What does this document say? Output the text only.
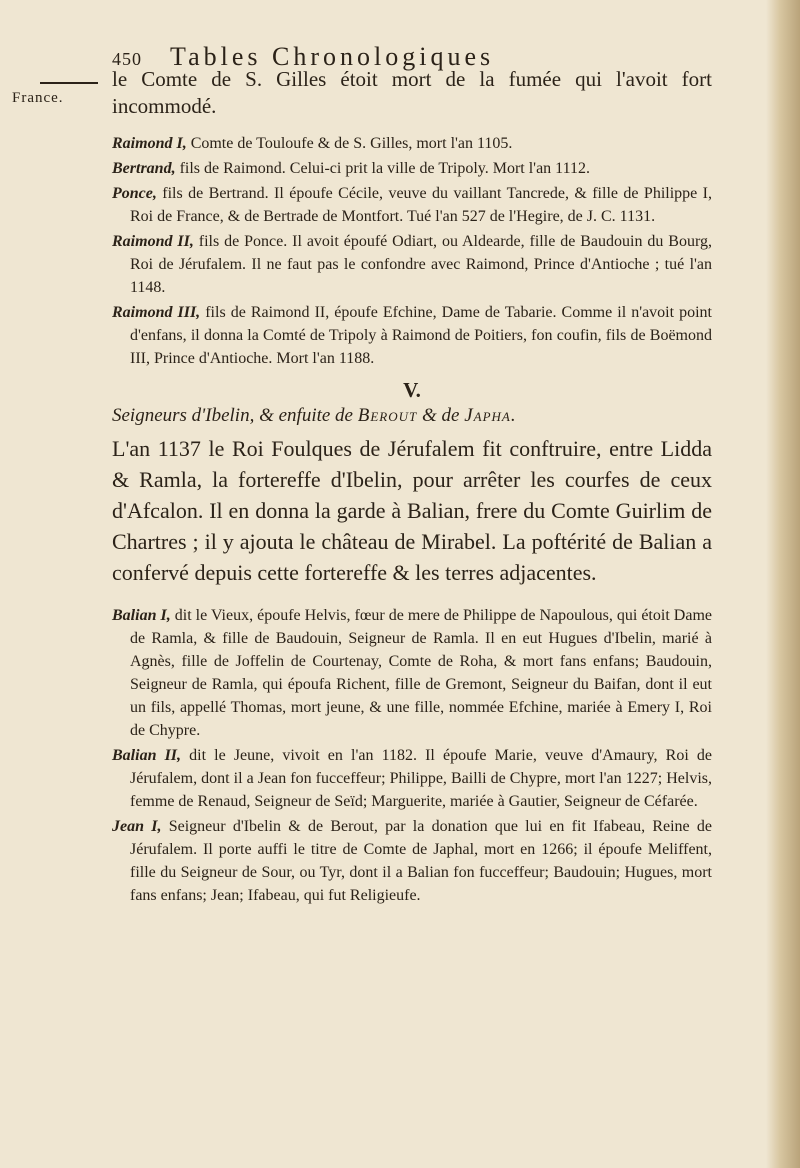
450 Tables Chronologiques
France.

le Comte de S. Gilles étoit mort de la fumée qui l'avoit fort incommodé.

Raimond I, Comte de Touloufe & de S. Gilles, mort l'an 1105.

Bertrand, fils de Raimond. Celui-ci prit la ville de Tripoly. Mort l'an 1112.

Ponce, fils de Bertrand. Il époufe Cécile, veuve du vaillant Tancrede, & fille de Philippe I, Roi de France, & de Bertrade de Montfort. Tué l'an 527 de l'Hegire, de J. C. 1131.

Raimond II, fils de Ponce. Il avoit époufé Odiart, ou Aldearde, fille de Baudouin du Bourg, Roi de Jérufalem. Il ne faut pas le confondre avec Raimond, Prince d'Antioche ; tué l'an 1148.

Raimond III, fils de Raimond II, époufe Efchine, Dame de Tabarie. Comme il n'avoit point d'enfans, il donna la Comté de Tripoly à Raimond de Poitiers, fon coufin, fils de Boëmond III, Prince d'Antioche. Mort l'an 1188.

V.
Seigneurs d'Ibelin, & enfuite de Berout & de Japha.

L'an 1137 le Roi Foulques de Jérufalem fit conftruire, entre Lidda & Ramla, la fortereffe d'Ibelin, pour arrêter les courfes de ceux d'Afcalon. Il en donna la garde à Balian, frere du Comte Guirlim de Chartres ; il y ajouta le château de Mirabel. La poftérité de Balian a confervé depuis cette fortereffe & les terres adjacentes.

Balian I, dit le Vieux, époufe Helvis, fœur de mere de Philippe de Napoulous, qui étoit Dame de Ramla, & fille de Baudouin, Seigneur de Ramla. Il en eut Hugues d'Ibelin, marié à Agnès, fille de Joffelin de Courtenay, Comte de Roha, & mort fans enfans; Baudouin, Seigneur de Ramla, qui époufa Richent, fille de Gremont, Seigneur du Baifan, dont il eut un fils, appellé Thomas, mort jeune, & une fille, nommée Efchine, mariée à Emery I, Roi de Chypre.

Balian II, dit le Jeune, vivoit en l'an 1182. Il époufe Marie, veuve d'Amaury, Roi de Jérufalem, dont il a Jean fon fucceffeur; Philippe, Bailli de Chypre, mort l'an 1227; Helvis, femme de Renaud, Seigneur de Seïd; Marguerite, mariée à Gautier, Seigneur de Céfarée.

Jean I, Seigneur d'Ibelin & de Berout, par la donation que lui en fit Ifabeau, Reine de Jérufalem. Il porte auffi le titre de Comte de Japhal, mort en 1266; il époufe Meliffent, fille du Seigneur de Sour, ou Tyr, dont il a Balian fon fucceffeur; Baudouin; Hugues, mort fans enfans; Jean; Ifabeau, qui fut Religieufe.
